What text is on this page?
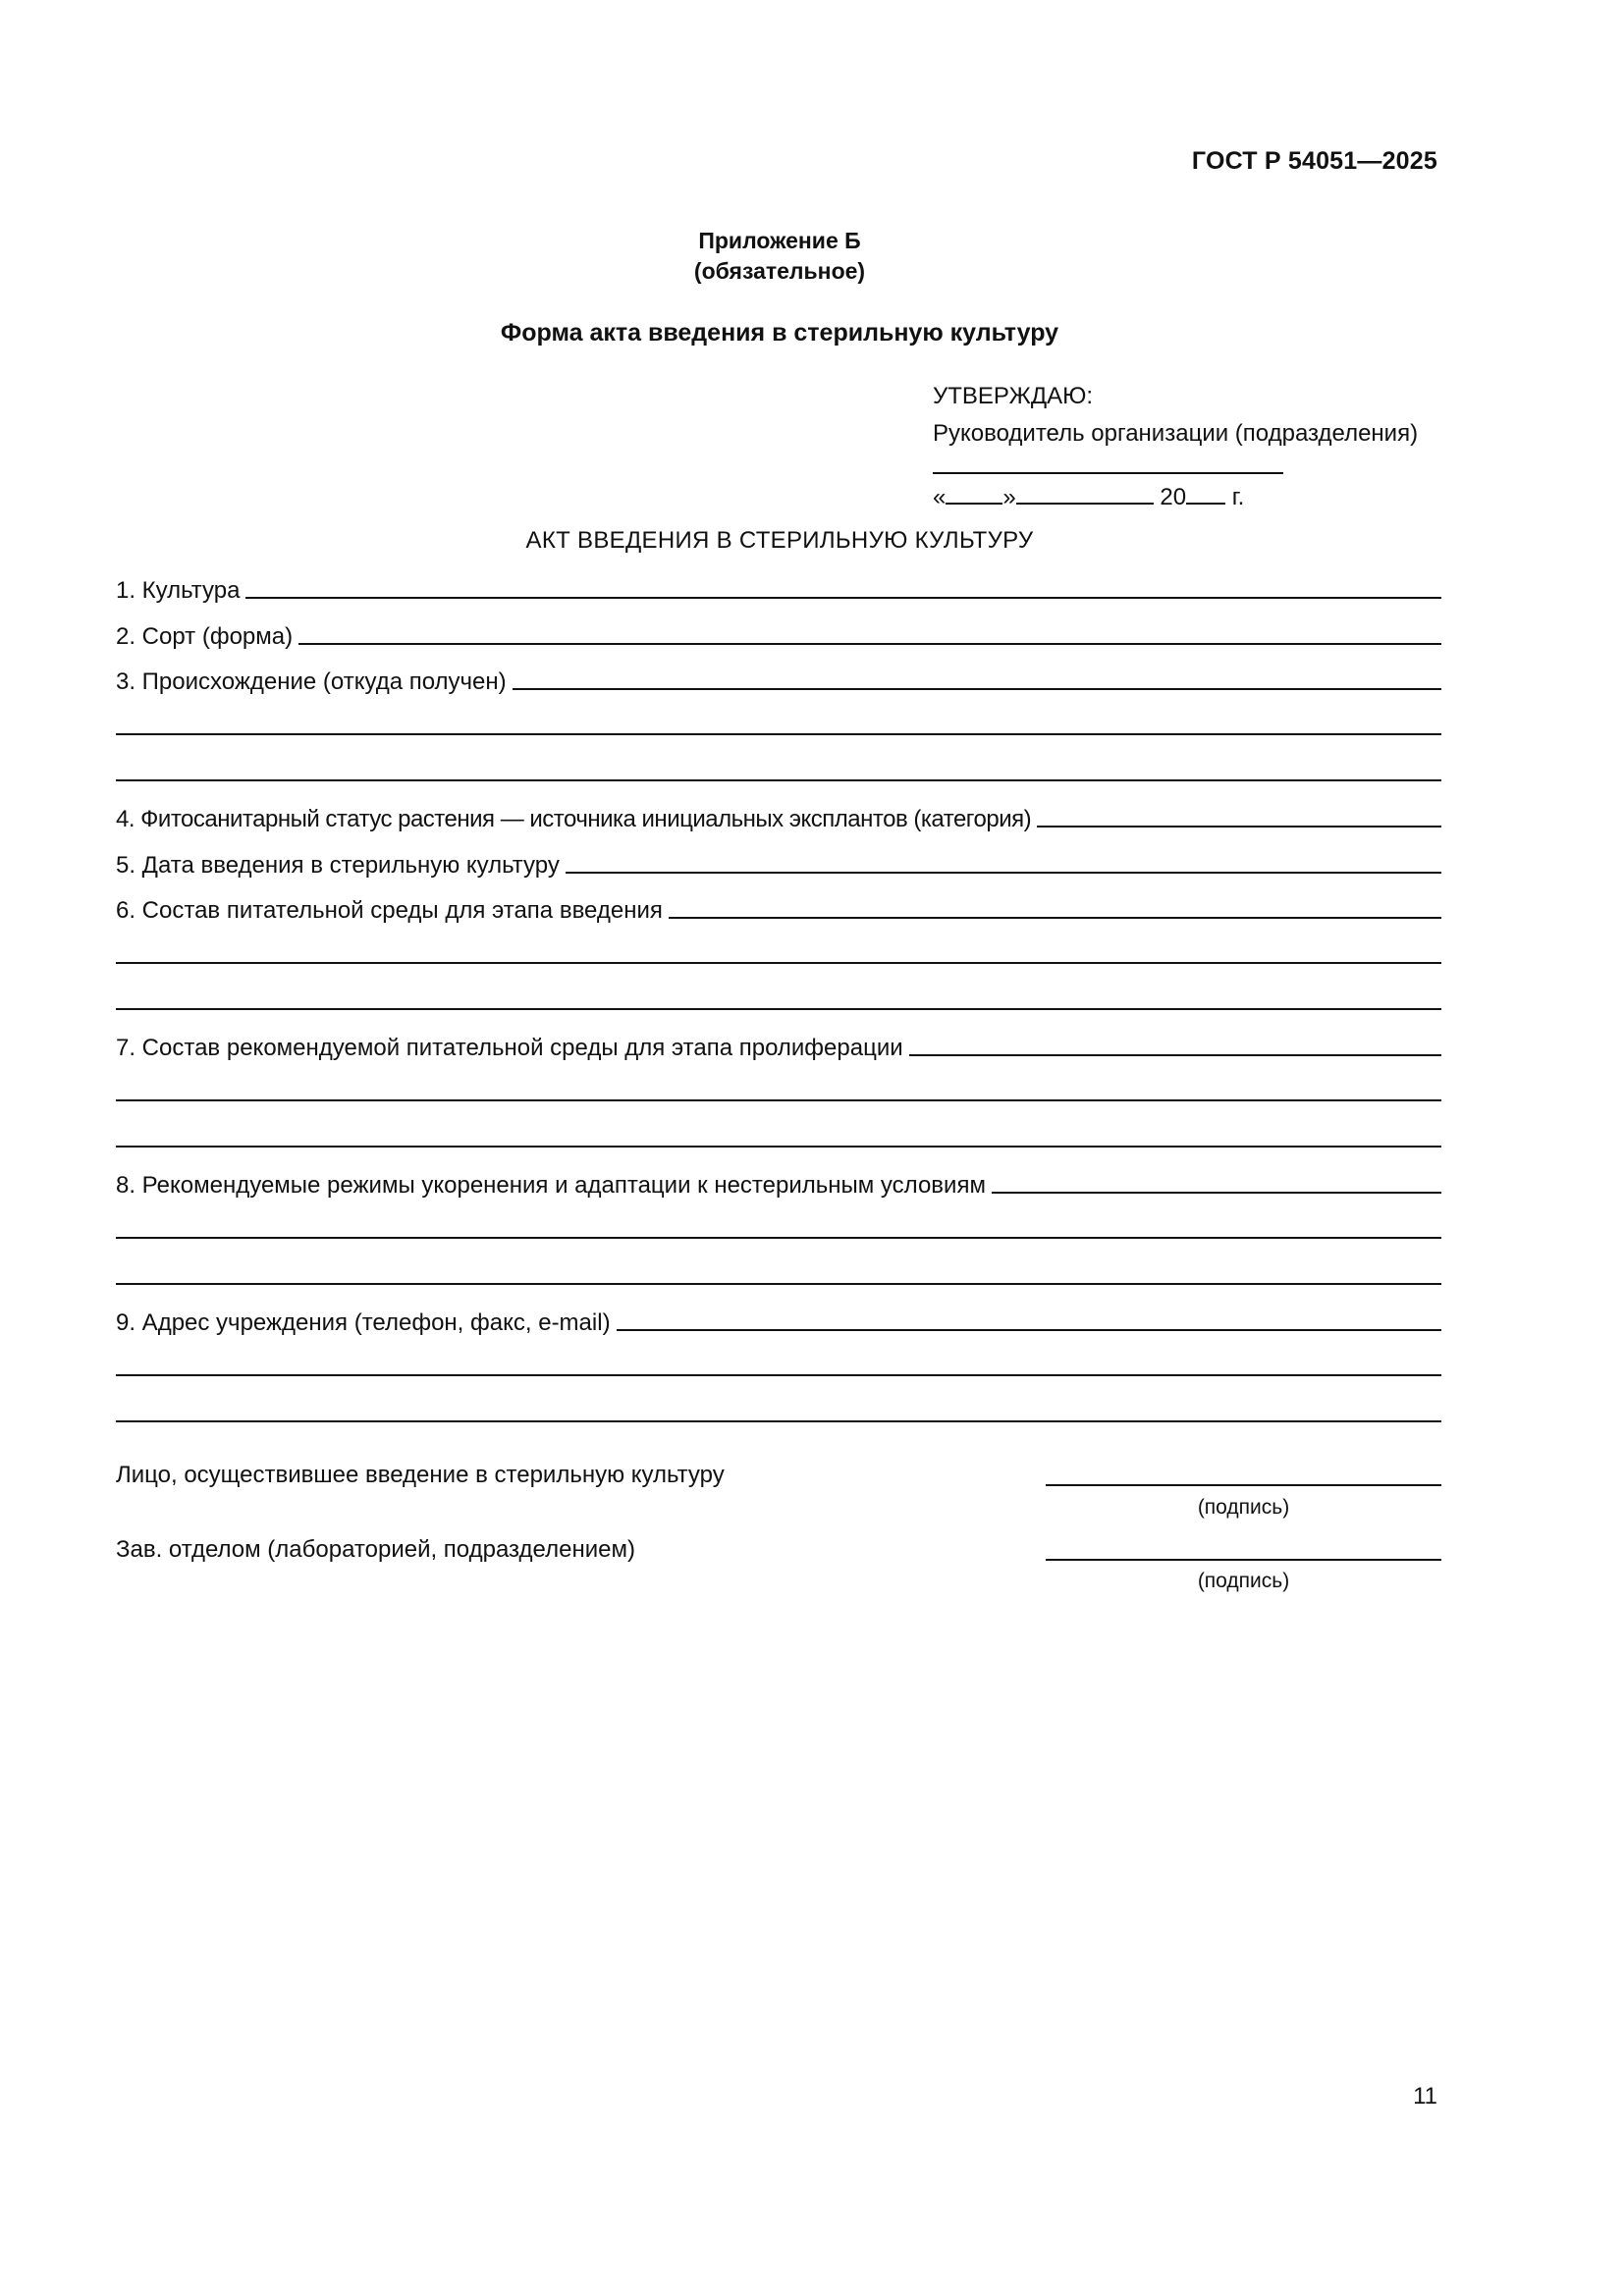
ГОСТ Р 54051—2025
Приложение Б
(обязательное)
Форма акта введения в стерильную культуру
УТВЕРЖДАЮ:
Руководитель организации (подразделения)
« »	20 г.
АКТ ВВЕДЕНИЯ В СТЕРИЛЬНУЮ КУЛЬТУРУ
1. Культура
2. Сорт (форма)
3. Происхождение (откуда получен)
4. Фитосанитарный статус растения — источника инициальных эксплантов (категория)
5. Дата введения в стерильную культуру
6. Состав питательной среды для этапа введения
7. Состав рекомендуемой питательной среды для этапа пролиферации
8. Рекомендуемые режимы укоренения и адаптации к нестерильным условиям
9. Адрес учреждения (телефон, факс, e-mail)
Лицо, осуществившее введение в стерильную культуру
(подпись)
Зав. отделом (лабораторией, подразделением)
(подпись)
11
